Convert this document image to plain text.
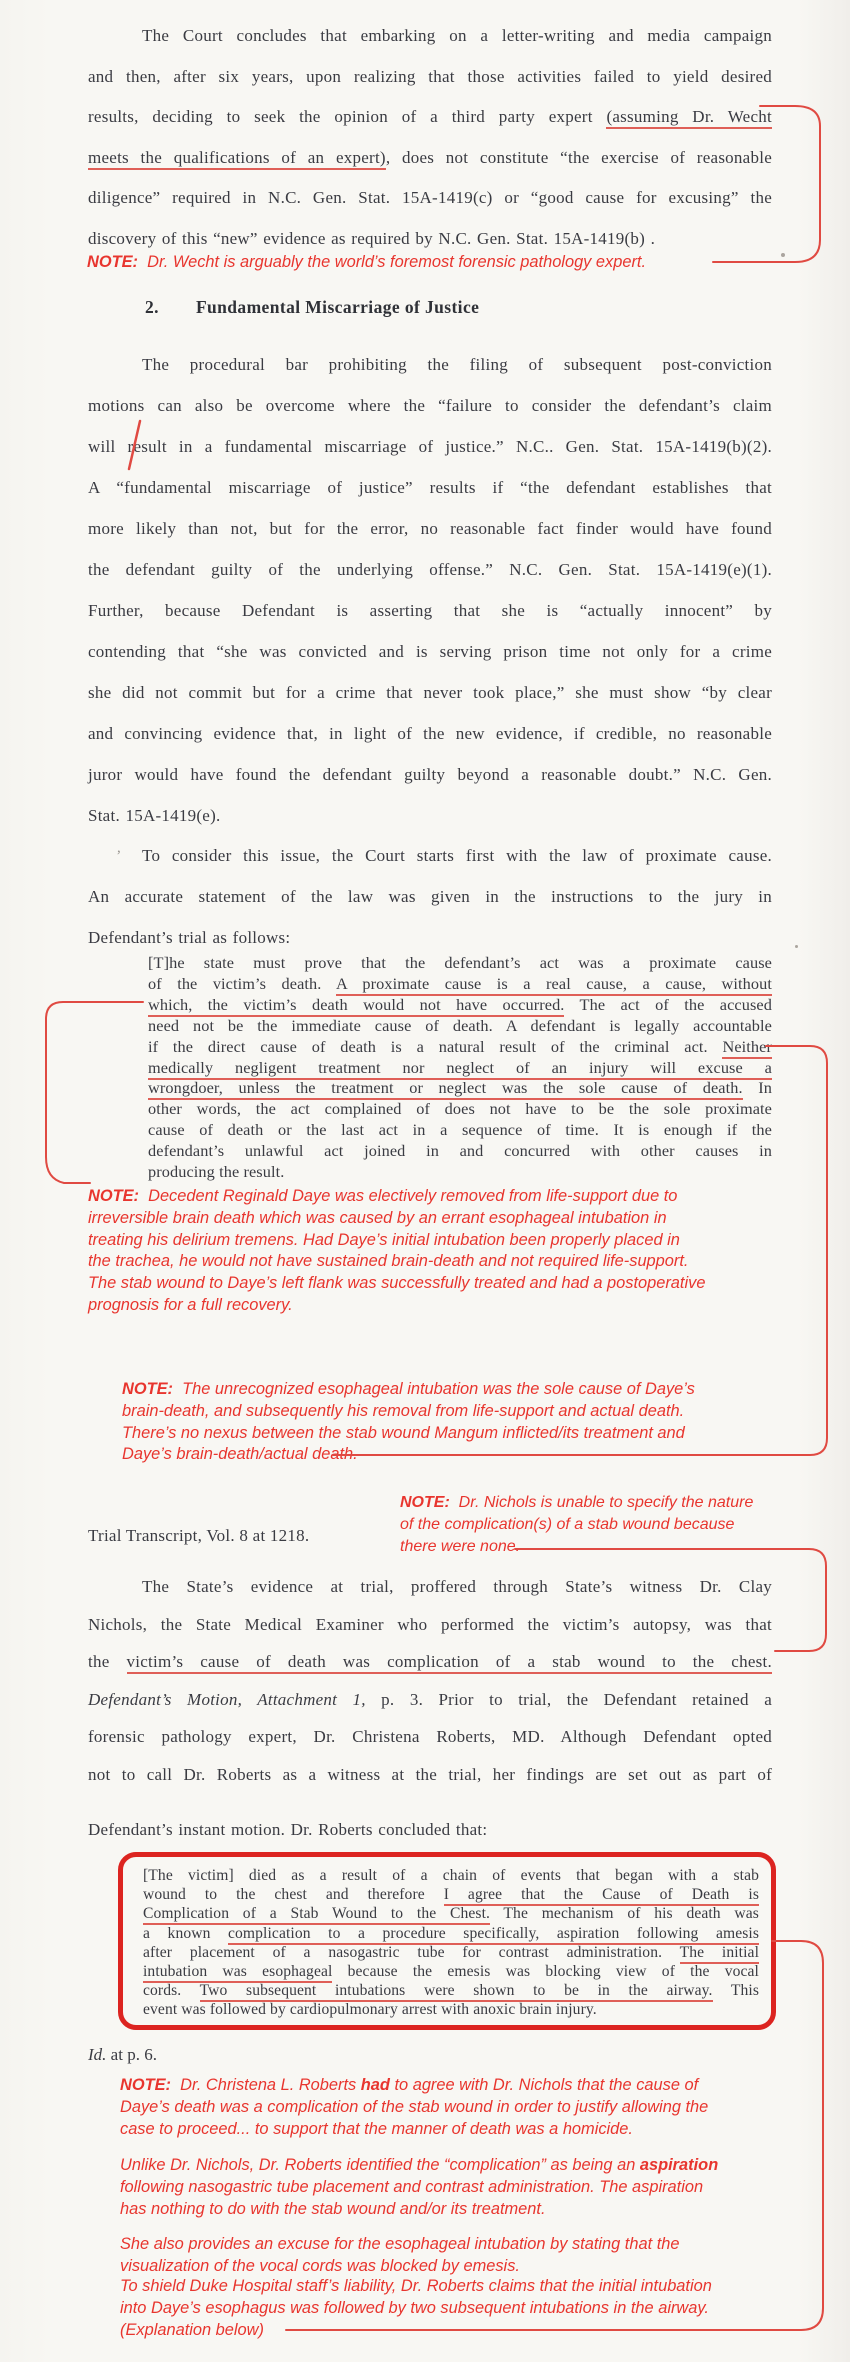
The Court concludes that embarking on a letter-writing and media campaign
and then, after six years, upon realizing that those activities failed to yield desired
results, deciding to seek the opinion of a third party expert (assuming Dr. Wecht
meets the qualifications of an expert), does not constitute “the exercise of reasonable
diligence” required in N.C. Gen. Stat. 15A-1419(c) or “good cause for excusing” the
discovery of this “new” evidence as required by N.C. Gen. Stat. 15A-1419(b) .
NOTE:  Dr. Wecht is arguably the world’s foremost forensic pathology expert.
2. Fundamental Miscarriage of Justice
The procedural bar prohibiting the filing of subsequent post-conviction
motions can also be overcome where the “failure to consider the defendant’s claim
will result in a fundamental miscarriage of justice.” N.C.. Gen. Stat. 15A-1419(b)(2).
A “fundamental miscarriage of justice” results if “the defendant establishes that
more likely than not, but for the error, no reasonable fact finder would have found
the defendant guilty of the underlying offense.” N.C. Gen. Stat. 15A-1419(e)(1).
Further, because Defendant is asserting that she is “actually innocent” by
contending that “she was convicted and is serving prison time not only for a crime
she did not commit but for a crime that never took place,” she must show “by clear
and convincing evidence that, in light of the new evidence, if credible, no reasonable
juror would have found the defendant guilty beyond a reasonable doubt.” N.C. Gen.
Stat. 15A-1419(e).
,	To consider this issue, the Court starts first with the law of proximate cause.
An accurate statement of the law was given in the instructions to the jury in
Defendant’s trial as follows:
[T]he state must prove that the defendant’s act was a proximate cause
of the victim’s death. A proximate cause is a real cause, a cause, without
which, the victim’s death would not have occurred. The act of the accused
need not be the immediate cause of death. A defendant is legally accountable
if the direct cause of death is a natural result of the criminal act. Neither
medically negligent treatment nor neglect of an injury will excuse a
wrongdoer, unless the treatment or neglect was the sole cause of death. In
other words, the act complained of does not have to be the sole proximate
cause of death or the last act in a sequence of time. It is enough if the
defendant’s unlawful act joined in and concurred with other causes in
producing the result.
NOTE:  Decedent Reginald Daye was electively removed from life-support due to
irreversible brain death which was caused by an errant esophageal intubation in
treating his delirium tremens. Had Daye’s initial intubation been properly placed in
the trachea, he would not have sustained brain-death and not required life-support.
The stab wound to Daye’s left flank was successfully treated and had a postoperative
prognosis for a full recovery.
NOTE:  The unrecognized esophageal intubation was the sole cause of Daye’s
brain-death, and subsequently his removal from life-support and actual death.
There’s no nexus between the stab wound Mangum inflicted/its treatment and
Daye’s brain-death/actual death.
NOTE:  Dr. Nichols is unable to specify the nature
of the complication(s) of a stab wound because
there were none.
Trial Transcript, Vol. 8 at 1218.
The State’s evidence at trial, proffered through State’s witness Dr. Clay
Nichols, the State Medical Examiner who performed the victim’s autopsy, was that
the victim’s cause of death was complication of a stab wound to the chest.
Defendant’s Motion, Attachment 1, p. 3. Prior to trial, the Defendant retained a
forensic pathology expert, Dr. Christena Roberts, MD. Although Defendant opted
not to call Dr. Roberts as a witness at the trial, her findings are set out as part of
Defendant’s instant motion. Dr. Roberts concluded that:
[The victim] died as a result of a chain of events that began with a stab
wound to the chest and therefore I agree that the Cause of Death is
Complication of a Stab Wound to the Chest. The mechanism of his death was
a known complication to a procedure specifically, aspiration following amesis
after placement of a nasogastric tube for contrast administration. The initial
intubation was esophageal because the emesis was blocking view of the vocal
cords. Two subsequent intubations were shown to be in the airway. This
event was followed by cardiopulmonary arrest with anoxic brain injury.
Id. at p. 6.
NOTE:  Dr. Christena L. Roberts had to agree with Dr. Nichols that the cause of
Daye’s death was a complication of the stab wound in order to justify allowing the
case to proceed... to support that the manner of death was a homicide.
Unlike Dr. Nichols, Dr. Roberts identified the “complication” as being an aspiration
following nasogastric tube placement and contrast administration. The aspiration
has nothing to do with the stab wound and/or its treatment.

She also provides an excuse for the esophageal intubation by stating that the
visualization of the vocal cords was blocked by emesis.
To shield Duke Hospital staff’s liability, Dr. Roberts claims that the initial intubation
into Daye’s esophagus was followed by two subsequent intubations in the airway.
(Explanation below)
